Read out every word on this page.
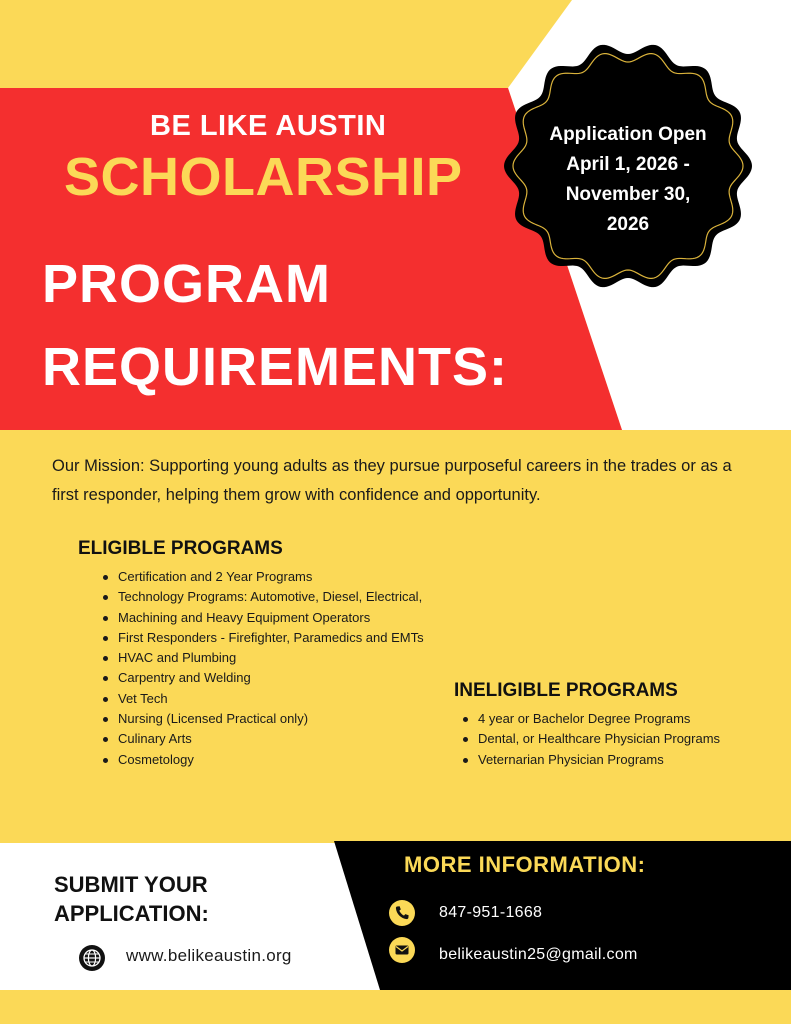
BE LIKE AUSTIN
SCHOLARSHIP
PROGRAM
REQUIREMENTS:
Application Open
April 1, 2026 -
November 30,
2026
Our Mission: Supporting young adults as they pursue purposeful careers in the trades or as a first responder, helping them grow with confidence and opportunity.
ELIGIBLE PROGRAMS
Certification and 2 Year Programs
Technology Programs: Automotive, Diesel, Electrical,
Machining and Heavy Equipment Operators
First Responders - Firefighter, Paramedics and EMTs
HVAC and Plumbing
Carpentry and Welding
Vet Tech
Nursing (Licensed Practical only)
Culinary Arts
Cosmetology
INELIGIBLE PROGRAMS
4 year or Bachelor Degree Programs
Dental, or Healthcare Physician Programs
Veternarian Physician Programs
SUBMIT YOUR
APPLICATION:
www.belikeaustin.org
MORE INFORMATION:
847-951-1668
belikeaustin25@gmail.com
